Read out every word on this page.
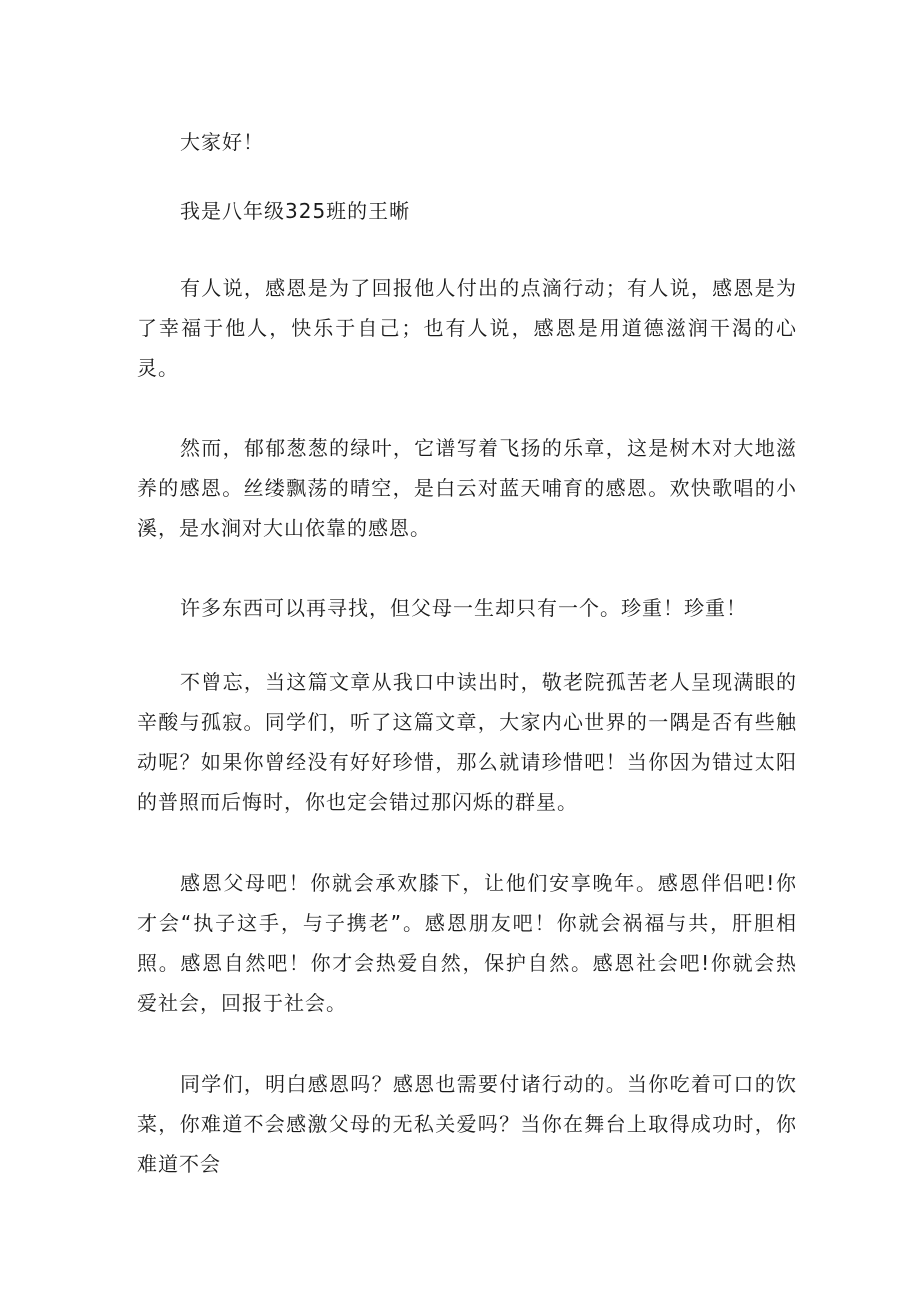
大家好！

我是八年级325班的王晰

有人说，感恩是为了回报他人付出的点滴行动；有人说，感恩是为了幸福于他人，快乐于自己；也有人说，感恩是用道德滋润干渴的心灵。

然而，郁郁葱葱的绿叶，它谱写着飞扬的乐章，这是树木对大地滋养的感恩。丝缕飘荡的晴空，是白云对蓝天哺育的感恩。欢快歌唱的小溪，是水涧对大山依靠的感恩。

许多东西可以再寻找，但父母一生却只有一个。珍重！珍重！

不曾忘，当这篇文章从我口中读出时，敬老院孤苦老人呈现满眼的辛酸与孤寂。同学们，听了这篇文章，大家内心世界的一隅是否有些触动呢？如果你曾经没有好好珍惜，那么就请珍惜吧！当你因为错过太阳的普照而后悔时，你也定会错过那闪烁的群星。

感恩父母吧！你就会承欢膝下，让他们安享晚年。感恩伴侣吧!你才会“执子这手，与子携老”。感恩朋友吧！你就会祸福与共，肝胆相照。感恩自然吧！你才会热爱自然，保护自然。感恩社会吧!你就会热爱社会，回报于社会。

同学们，明白感恩吗？感恩也需要付诸行动的。当你吃着可口的饮菜，你难道不会感激父母的无私关爱吗？当你在舞台上取得成功时，你难道不会
